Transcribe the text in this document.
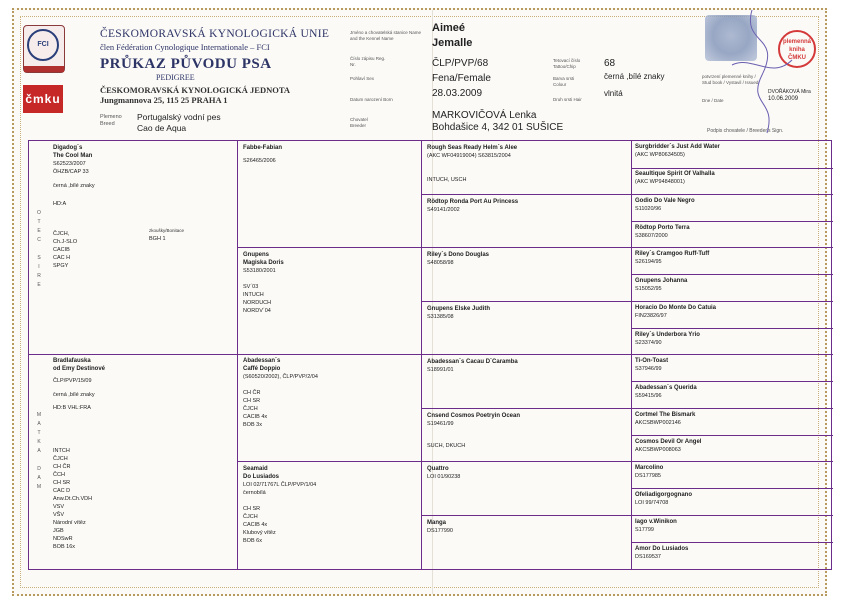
FCI
čmku
ČESKOMORAVSKÁ KYNOLOGICKÁ UNIE
člen Fédération Cynologique Internationale – FCI
PRŮKAZ PŮVODU PSA
PEDIGREE
ČESKOMORAVSKÁ KYNOLOGICKÁ JEDNOTA
Jungmannova 25, 115 25 PRAHA 1
Plemeno Breed
Portugalský vodní pes
Cao de Aqua
Jméno a chovatelská stanice Name and the Kennel Name
Číslo zápisu Reg. Nr.
Pohlaví Sex
Datum narození Born
Chovatel Breeder
Aimeé
Jemalle
ČLP/PVP/68
Fena/Female
28.03.2009
MARKOVIČOVÁ Lenka
Bohdašice 4, 342 01 SUŠICE
Tetovací číslo Tattoo/Chip
Barva srsti Colour
Druh srsti Hair
68
černá ,bílé znaky
vlnitá
potvrzení plemenné knihy / Stud book / Vystavil / Issued
DVOŘÁKOVÁ Mira
Dne / Date	10.06.2009
Podpis chovatele / Breeder's Sign.
plemenná kniha ČMKU
O
T
E
C
S
I
R
E
M
A
T
K
A
D
A
M
Digadog´s
The Cool Man
S62523/2007
ÖHZB/CAP 33
černá ,bílé znaky
HD:A
ČJCH,
Ch.J-SLO
CACIB
CAC H
SPGY
zkoušky/Bonitace
BGH 1
Bradlafauska
od Emy Destinové
ČLP/PVP/15/09
černá ,bílé znaky
HD:B VHL:FRA
INTCH
ČJCH
CH ČR
ČCH
CH SR
CAC D
Anw.Dt.Ch.VDH
VSV
VŠV
Národní vítěz
JGB
NDSwR
BOB 16x
Fabbe-Fabian
S26465/2006
Gnupens
Magiska Doris
S53180/2001
SV´03
INTUCH
NORDUCH
NORDV´04
Abadessan´s
Caffé Doppio
(S60520/2002), ČLP/PVP/2/04
CH ČR
CH SR
ČJCH
CACIB 4x
BOB 3x
Seamaid
Do Lusiados
LOI 02/71767L ČLP/PVP/1/04
černobílá
CH SR
ČJCH
CACIB 4x
Klubový vítěz
BOB 6x
Rough Seas Ready Helm´s Alee
(AKC WF04919004) S63815/2004
INTUCH, USCH
Rödtop Ronda Port Au Princess
S49141/2002
Riley´s Dono Douglas
S48058/98
Gnupens Elske Judith
S31385/08
Abadessan´s Cacau D´Caramba
S18991/01
Cnsend Cosmos Poetryin Ocean
S19461/99
SUCH, DKUCH
Quattro
LOI 01/90238
Manga
DS177990
Surgbridder´s Just Add Water
(AKC WP80634505)
Seaultique Spirit Of Valhalla
(AKC WP94848001)
Godio Do Vale Negro
S11020/96
Rödtop Porto Terra
S38607/2000
Riley´s Cramgoo Ruff-Tuff
S26194/95
Gnupens Johanna
S15052/95
Horacio Do Monte Do Catuia
FIN23826/97
Riley´s Underbora Yrio
S23374/90
Ti-On-Toast
S37946/99
Abadessan´s Querida
S59415/96
Cortmel The Bismark
AKCSBWP002146
Cosmos Devil Or Angel
AKCSBWP008063
Marcolino
DS177985
Ofeliadigorgognano
LOI 99/74708
Iago v.Winikon
S17799
Amor Do Lusiados
DS169537
